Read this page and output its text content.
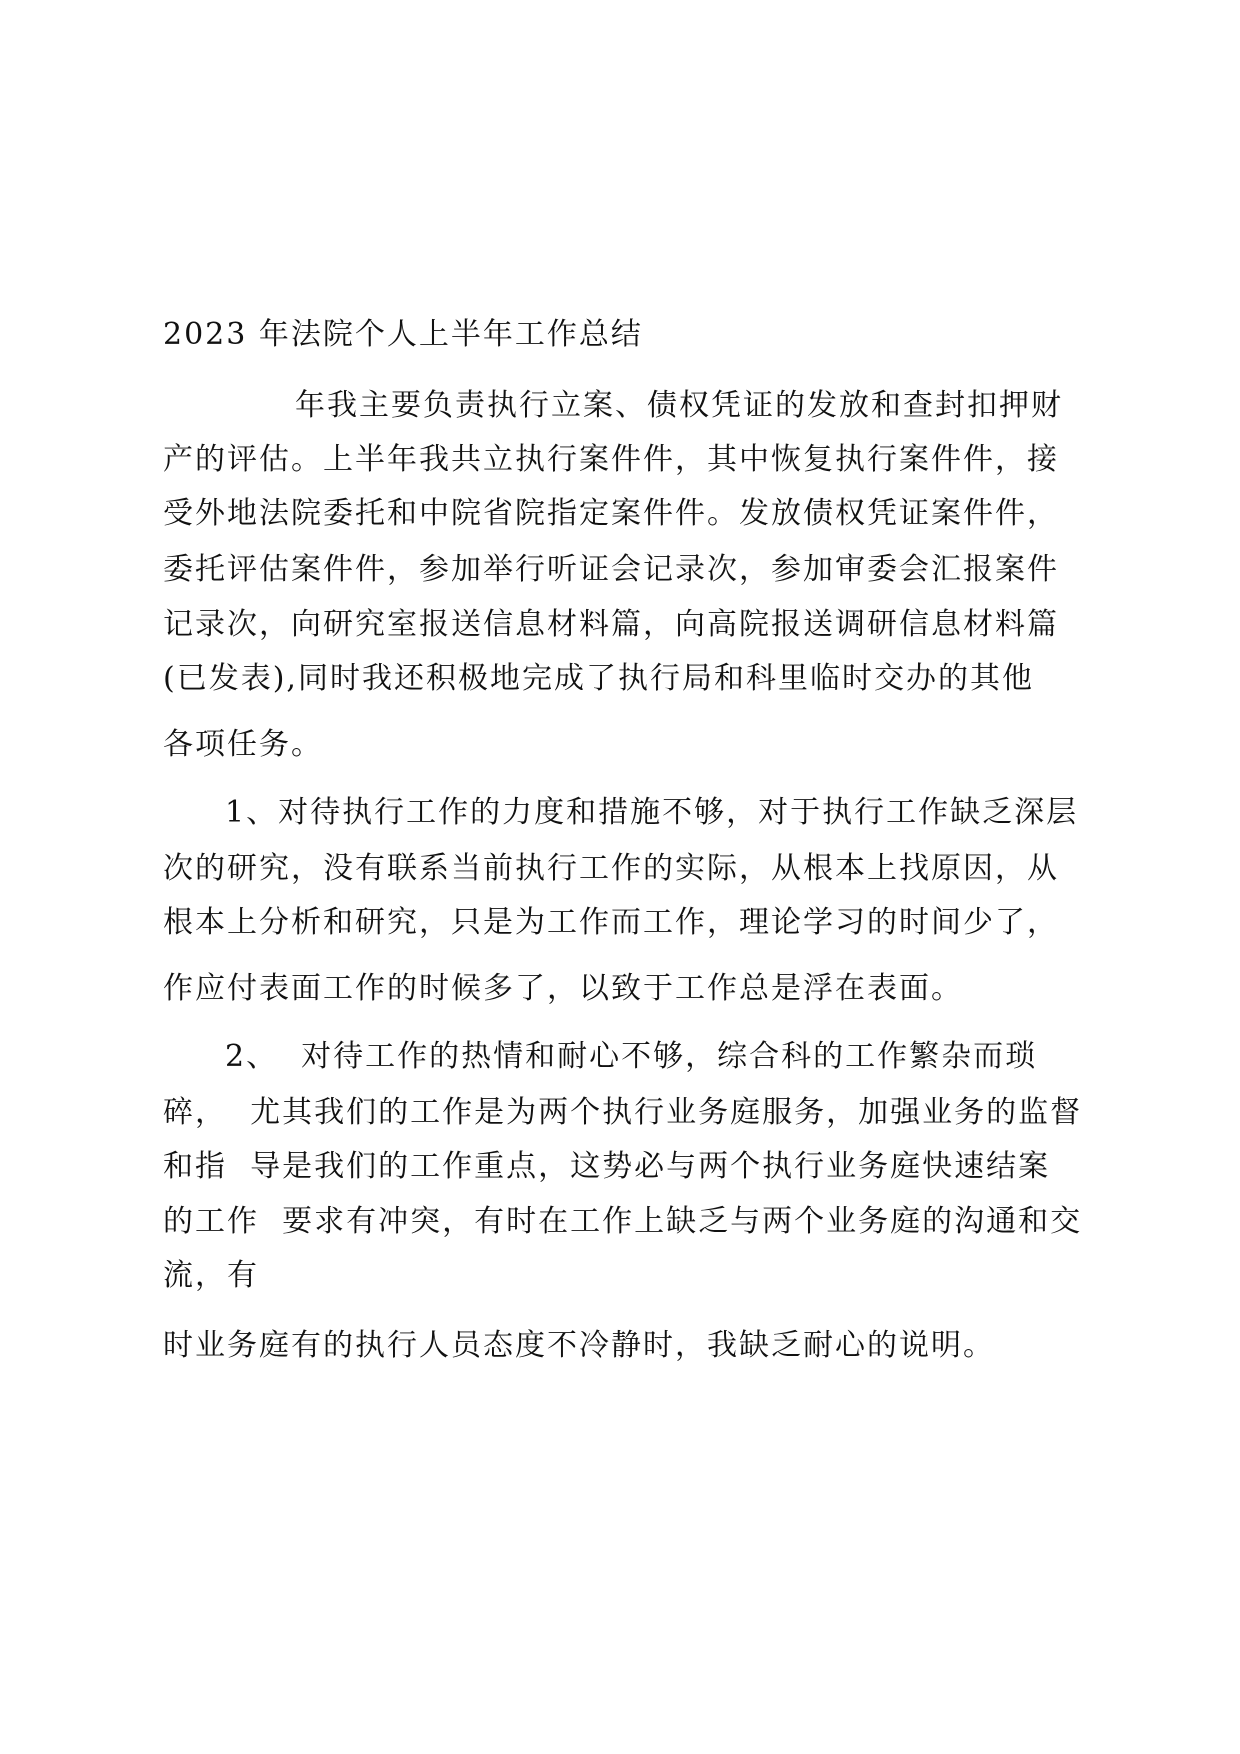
2023 年法院个人上半年工作总结
年我主要负责执行立案、债权凭证的发放和查封扣押财
产的评估。上半年我共立执行案件件，其中恢复执行案件件，接
受外地法院委托和中院省院指定案件件。发放债权凭证案件件，
委托评估案件件，参加举行听证会记录次，参加审委会汇报案件
记录次，向研究室报送信息材料篇，向高院报送调研信息材料篇
(已发表),同时我还积极地完成了执行局和科里临时交办的其他
各项任务。
1、对待执行工作的力度和措施不够，对于执行工作缺乏深层
次的研究，没有联系当前执行工作的实际，从根本上找原因，从
根本上分析和研究，只是为工作而工作，理论学习的时间少了，
作应付表面工作的时候多了，以致于工作总是浮在表面。
2、  对待工作的热情和耐心不够，综合科的工作繁杂而琐
碎，  尤其我们的工作是为两个执行业务庭服务，加强业务的监督
和指  导是我们的工作重点，这势必与两个执行业务庭快速结案
的工作  要求有冲突，有时在工作上缺乏与两个业务庭的沟通和交
流，有
时业务庭有的执行人员态度不冷静时，我缺乏耐心的说明。
